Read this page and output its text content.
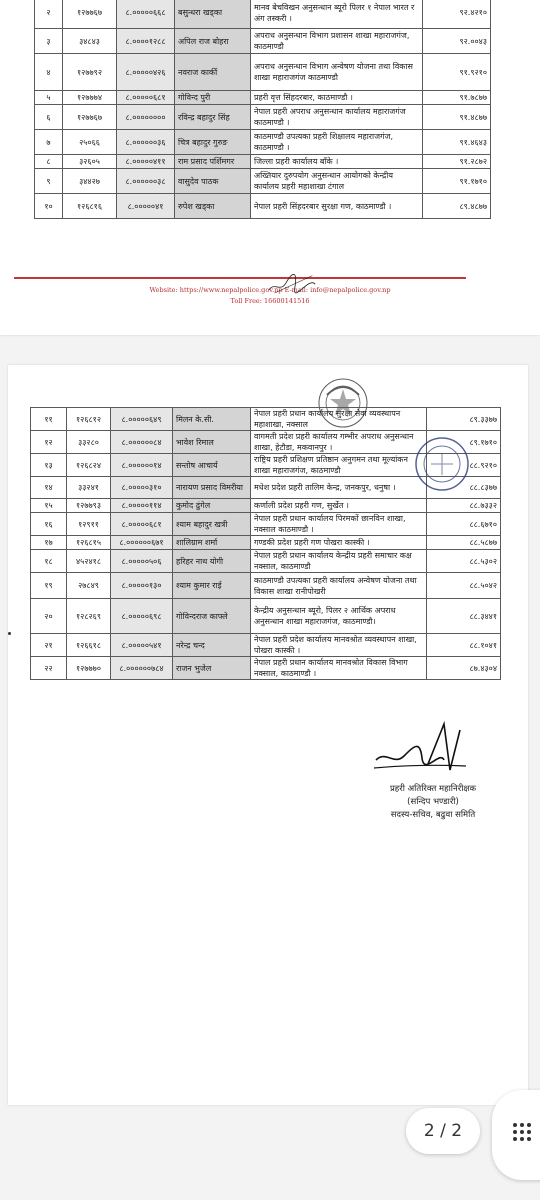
२	१२७७६७	८.०००००६६८	बसुन्धरा खड्का	मानव बेचविखन अनुसन्धान ब्यूरो पिलर १ नेपाल भारत र अंग तस्करी ।	९२.४२१०
३	३४८४३	८.००००१२८८	अपिल राज बोहरा	अपराध अनुसन्धान विभाग प्रशासन शाखा महाराजगंज, काठमाण्डौ	९२.००४३
४	१२७७९२	८.०००००४२६	नवराज कार्की	अपराध अनुसन्धान विभाग अन्वेषण योजना तथा विकास शाखा महाराजगंज काठमाण्डौ	९१.९२१०
५	१२७७७४	८.०००००६८१	गोविन्द पुरी	प्रहरी वृत्त सिंहदरबार, काठमाण्डौ ।	९१.७८७७
६	१२७७६७	८.००००००००	रविन्द्र बहादुर सिंह	नेपाल प्रहरी अपराध अनुसन्धान कार्यालय महाराजगंज काठमाण्डौ ।	९१.४८७७
७	२५०६६	८.००००००३६	चित्र बहादुर गुरुङ	काठमाण्डौ उपत्यका प्रहरी शिक्षालय महाराजगंज, काठमाण्डौ ।	९१.४६४३
८	३२६०५	८.०००००४११	राम प्रसाद पर्शिमगर	जिल्ला प्रहरी कार्यालय बाँके ।	९१.२८७२
९	३४४२७	८.००००००३८	वासुदेव पाठक	अख्तियार दुरुपयोग अनुसन्धान आयोगको केन्द्रीय कार्यालय प्रहरी महाशाखा टंगाल	९१.१७१०
१०	१२६८१६	८.०००००४१	रुपेश खड्का	नेपाल प्रहरी सिंहदरबार सुरक्षा गण, काठमाण्डौ ।	८९.४८७७
Website: https://www.nepalpolice.gov.np E-mail: info@nepalpolice.gov.np
Toll Free: 16600141516
११	१२६८१२	८.०००००६४९	मिलन के.सी.	नेपाल प्रहरी प्रधान कार्यालय सुरक्षा सेवा व्यवस्थापन महाशाखा, नक्साल	८९.३३७७
१२	३३२८०	८.००००००८४	भावेश रिमाल	वागमती प्रदेश प्रहरी कार्यालय गम्भीर अपराध अनुसन्धान शाखा, हेटौडा, मकवानपुर ।	८९.१७१०
१३	१२६८२४	८.००००००१४	सन्तोष आचार्य	राष्ट्रिय प्रहरी प्रशिक्षण प्रतिष्ठान अनुगमन तथा मूल्यांकन शाखा महाराजगंज, काठमाण्डौ	८८.९२१०
१४	३३२४१	८.०००००३१०	नारायण प्रसाद विमरीया	मधेश प्रदेश प्रहरी तालिम केन्द्र, जनकपुर, धनुषा ।	८८.८३७७
१५	१२७७९३	८.०००००११४	कुमोद ढुंगेल	कर्णाली प्रदेश प्रहरी गण, सुर्खेत ।	८८.७३३२
१६	१२९११	८.०००००६८१	श्याम बहादुर खत्री	नेपाल प्रहरी प्रधान कार्यालय पिरमकों छानविन शाखा, नक्साल काठमाण्डौ ।	८८.६७१०
१७	१२६८१५	८.००००००६७१	शालिग्राम शर्मा	गण्डकी प्रदेश प्रहरी गण पोखरा कास्की ।	८८.५८७७
१८	४५२४१८	८.०००००५०६	हरिहर नाथ योगी	नेपाल प्रहरी प्रधान कार्यालय केन्द्रीय प्रहरी समाचार कक्ष नक्साल, काठमाण्डौ	८८.५३०२
१९	२७८४९	८.०००००१३०	श्याम कुमार राई	काठमाण्डौ उपत्यका प्रहरी कार्यालय अन्वेषण योजना तथा विकास शाखा रानीपोखरी	८८.५०४२
२०	१२८२६९	८.०००००६९८	गोविन्दराज काफ्ले	केन्द्रीय अनुसन्धान ब्यूरो, पिलर २ आर्थिक अपराध अनुसन्धान शाखा महाराजगंज, काठमाण्डौ।	८८.३४४१
२१	१२६६१८	८.०००००५४१	नरेन्द्र चन्द	नेपाल प्रहरी प्रदेश कार्यालय मानवश्रोत व्यवस्थापन शाखा, पोखरा कास्की ।	८८.१०४१
२२	१२७७७०	८.००००००७८४	राजन भुजेल	नेपाल प्रहरी प्रधान कार्यालय मानवश्रोत विकास विभाग नक्साल, काठमाण्डौ ।	८७.४३०४
प्रहरी अतिरिक्त महानिरीक्षक
(सन्दिप भण्डारी)
सदस्य-सचिव, बढुवा समिति
2 / 2
